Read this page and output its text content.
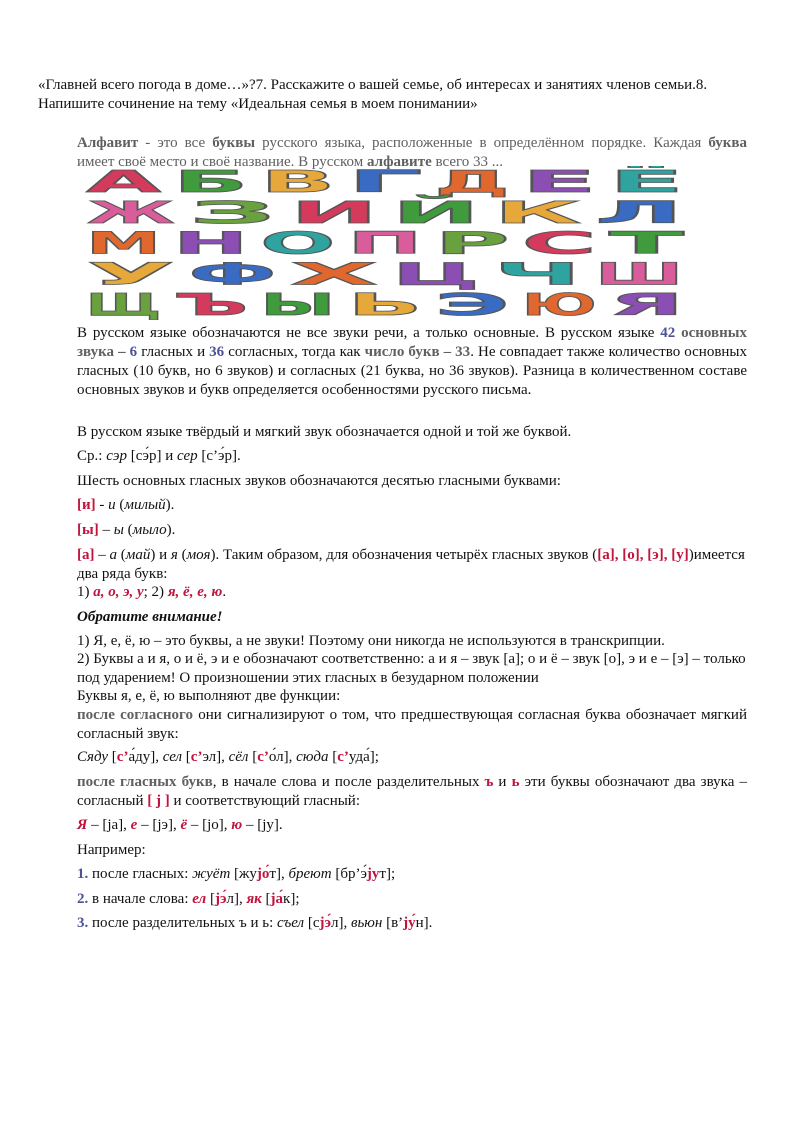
«Главней всего погода в доме…»?7. Расскажите о вашей семье, об интересах и занятиях членов семьи.8. Напишите сочинение на тему «Идеальная семья в моем понимании»
Алфавит - это все буквы русского языка, расположенные в определённом порядке. Каждая буква имеет своё место и своё название. В русском алфавите всего 33 ...
А Б В Г Д Е Ё
Ж З И Й	К Л
М Н О П Р С Т
У Ф Х Ц Ч Ш
Щ Ъ Ы Ь Э Ю Я
В русском языке обозначаются не все звуки речи, а только основные. В русском языке 42 основных звука – 6 гласных и 36 согласных, тогда как число букв – 33. Не совпадает также количество основных гласных (10 букв, но 6 звуков) и согласных (21 буква, но 36 звуков). Разница в количественном составе основных звуков и букв определяется особенностями русского письма.
В русском языке твёрдый и мягкий звук обозначается одной и той же буквой.
Ср.: сэр [сэ́р] и сер [с’э́р].
Шесть основных гласных звуков обозначаются десятью гласными буквами:
[и] - и (милый).
[ы] – ы (мыло).
[а] – а (май) и я (моя). Таким образом, для обозначения четырёх гласных звуков ([а], [о], [э], [у])имеется два ряда букв:
1) а, о, э, у; 2) я, ё, е, ю.
Обратите внимание!
1) Я, е, ё, ю – это буквы, а не звуки! Поэтому они никогда не используются в транскрипции.
2) Буквы а и я, о и ё, э и е обозначают соответственно: а и я – звук [а]; о и ё – звук [о], э и е – [э] – только под ударением! О произношении этих гласных в безударном положении
Буквы я, е, ё, ю выполняют две функции:
после согласного они сигнализируют о том, что предшествующая согласная буква обозначает мягкий согласный звук:
Сяду [с’а́ду], сел [с’эл], сёл [с’о́л], сюда [с’уда́];
после гласных букв, в начале слова и после разделительных ъ и ь эти буквы обозначают два звука – согласный [ j ] и соответствующий гласный:
Я – [jа], е – [jэ], ё – [jо], ю – [jу].
Например:
1. после гласных: жуёт [жуjо́т], бреют [бр’э́jут];
2. в начале слова: ел [jэ́л], як [jа́к];
3. после разделительных ъ и ь: съел [сjэ́л], вьюн [в’jу́н].
